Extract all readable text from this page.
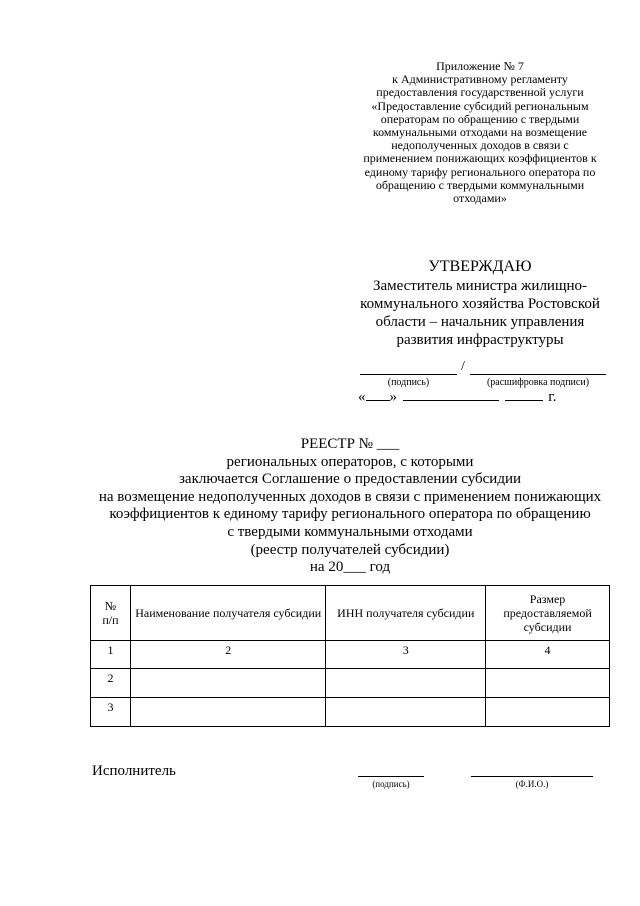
Приложение № 7
к Административному регламенту
предоставления государственной услуги
«Предоставление субсидий региональным
операторам по обращению с твердыми
коммунальными отходами на возмещение
недополученных доходов в связи с
применением понижающих коэффициентов к
единому тарифу регионального оператора по
обращению с твердыми коммунальными
отходами»
УТВЕРЖДАЮ
Заместитель министра жилищно-
коммунального хозяйства Ростовской
области – начальник управления
развития инфраструктуры
/
(подпись)	(расшифровка подписи)
« »	г.
РЕЕСТР № ___
региональных операторов, с которыми
заключается Соглашение о предоставлении субсидии
на возмещение недополученных доходов в связи с применением понижающих
коэффициентов к единому тарифу регионального оператора по обращению
с твердыми коммунальными отходами
(реестр получателей субсидии)
на 20___ год
№
п/п	Наименование получателя субсидии	ИНН получателя субсидии	Размер предоставляемой субсидии
1	2	3	4
2			
3			
Исполнитель
(подпись)	(Ф.И.О.)
